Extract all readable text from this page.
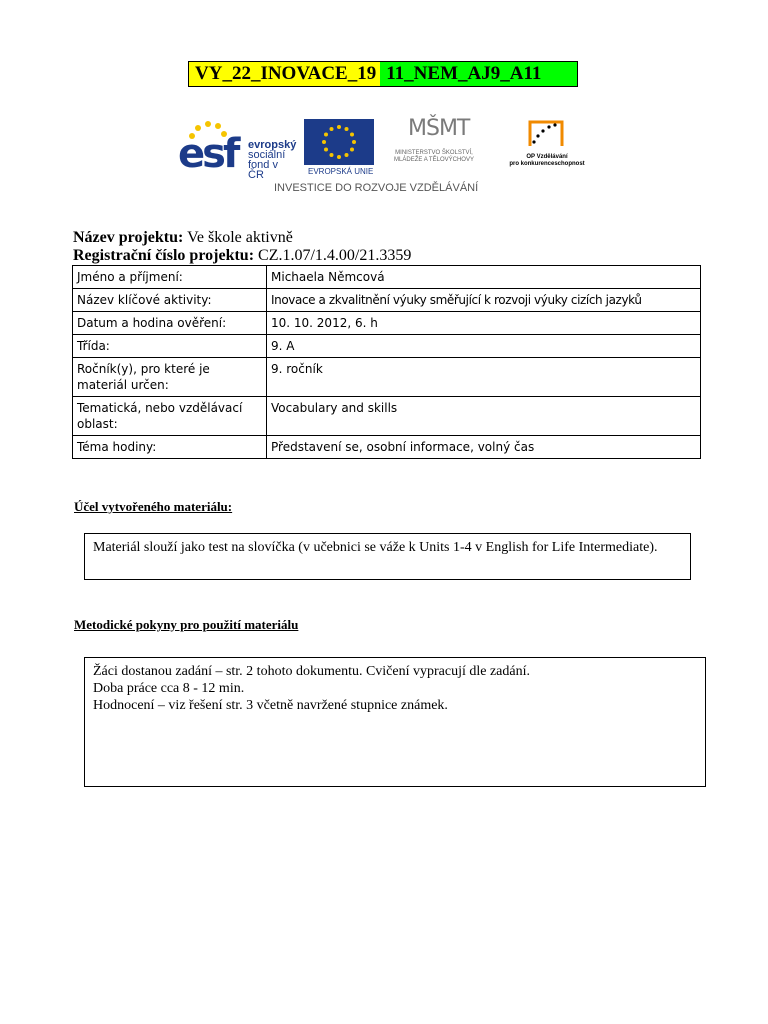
VY_22_INOVACE_19 11_NEM_AJ9_A11
esf evropský
sociální
fond v ČR	EVROPSKÁ UNIE
MŠMT
MINISTERSTVO ŠKOLSTVÍ,
MLÁDEŽE A TĚLOVÝCHOVY	OP Vzdělávání
pro konkurenceschopnost
INVESTICE DO ROZVOJE VZDĚLÁVÁNÍ
Název projektu: Ve škole aktivně
Registrační číslo projektu: CZ.1.07/1.4.00/21.3359
Jméno a příjmení:	Michaela Němcová
Název klíčové aktivity:	Inovace a zkvalitnění výuky směřující k rozvoji výuky cizích jazyků
Datum a hodina ověření:	10. 10. 2012, 6. h
Třída:	9. A
Ročník(y), pro které je materiál určen:	9. ročník
Tematická, nebo vzdělávací oblast:	Vocabulary and skills
Téma hodiny:	Představení se, osobní informace, volný čas
Účel vytvořeného materiálu:
Materiál slouží jako test na slovíčka (v učebnici se váže k Units 1-4 v English for Life Intermediate).
Metodické pokyny pro použití materiálu
Žáci dostanou zadání – str. 2 tohoto dokumentu. Cvičení vypracují dle zadání.
Doba práce cca 8 - 12 min.
Hodnocení – viz řešení str. 3 včetně navržené stupnice známek.
